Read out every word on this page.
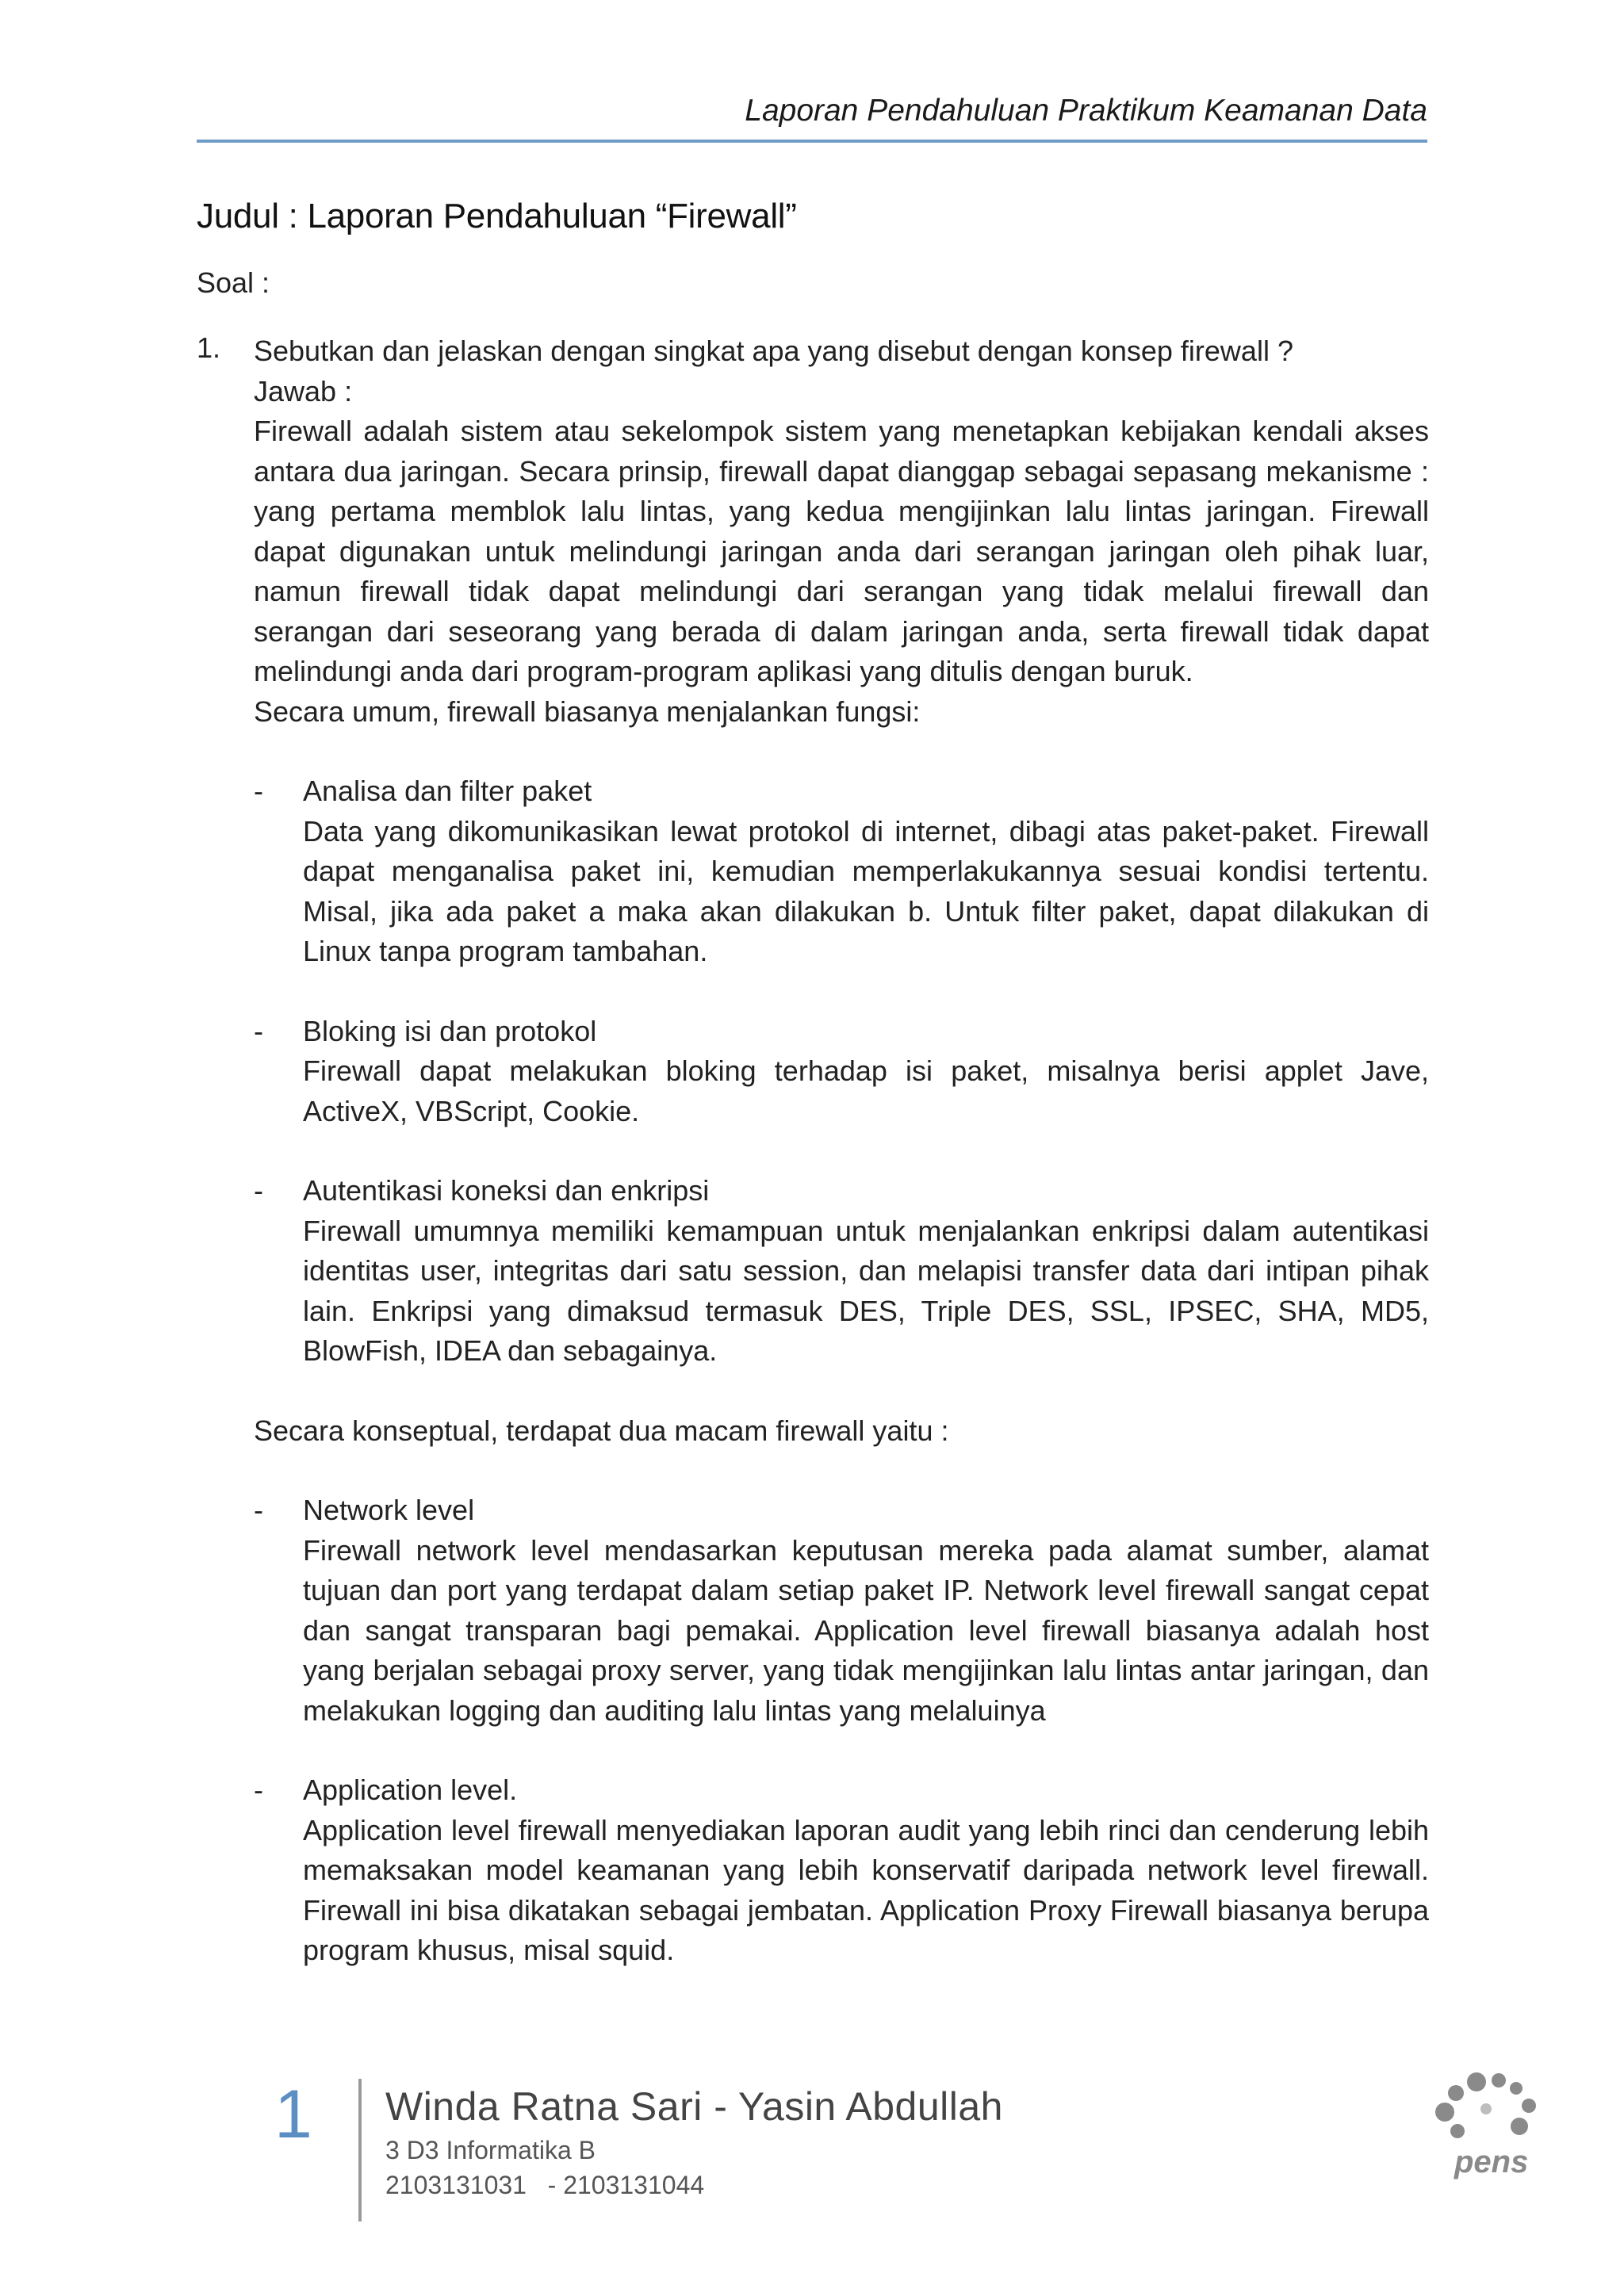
Laporan Pendahuluan Praktikum Keamanan Data
Judul : Laporan Pendahuluan “Firewall”
Soal :
1. Sebutkan dan jelaskan dengan singkat apa yang disebut dengan konsep firewall ?

Jawab :

Firewall adalah sistem atau sekelompok sistem yang menetapkan kebijakan kendali akses antara dua jaringan. Secara prinsip, firewall dapat dianggap sebagai sepasang mekanisme : yang pertama memblok lalu lintas, yang kedua mengijinkan lalu lintas jaringan. Firewall dapat digunakan untuk melindungi jaringan anda dari serangan jaringan oleh pihak luar, namun firewall tidak dapat melindungi dari serangan yang tidak melalui firewall dan serangan dari seseorang yang berada di dalam jaringan anda, serta firewall tidak dapat melindungi anda dari program-program aplikasi yang ditulis dengan buruk.

Secara umum, firewall biasanya menjalankan fungsi:

- Analisa dan filter paket

Data yang dikomunikasikan lewat protokol di internet, dibagi atas paket-paket. Firewall dapat menganalisa paket ini, kemudian memperlakukannya sesuai kondisi tertentu. Misal, jika ada paket a maka akan dilakukan b. Untuk filter paket, dapat dilakukan di Linux tanpa program tambahan.

- Bloking isi dan protokol

Firewall dapat melakukan bloking terhadap isi paket, misalnya berisi applet Jave, ActiveX, VBScript, Cookie.

- Autentikasi koneksi dan enkripsi

Firewall umumnya memiliki kemampuan untuk menjalankan enkripsi dalam autentikasi identitas user, integritas dari satu session, dan melapisi transfer data dari intipan pihak lain. Enkripsi yang dimaksud termasuk DES, Triple DES, SSL, IPSEC, SHA, MD5, BlowFish, IDEA dan sebagainya.

Secara konseptual, terdapat dua macam firewall yaitu :

- Network level

Firewall network level mendasarkan keputusan mereka pada alamat sumber, alamat tujuan dan port yang terdapat dalam setiap paket IP. Network level firewall sangat cepat dan sangat transparan bagi pemakai. Application level firewall biasanya adalah host yang berjalan sebagai proxy server, yang tidak mengijinkan lalu lintas antar jaringan, dan melakukan logging dan auditing lalu lintas yang melaluinya

- Application level.

Application level firewall menyediakan laporan audit yang lebih rinci dan cenderung lebih memaksakan model keamanan yang lebih konservatif daripada network level firewall. Firewall ini bisa dikatakan sebagai jembatan. Application Proxy Firewall biasanya berupa program khusus, misal squid.

1 Winda Ratna Sari - Yasin Abdullah
3 D3 Informatika B
2103131031   - 2103131044
pens
